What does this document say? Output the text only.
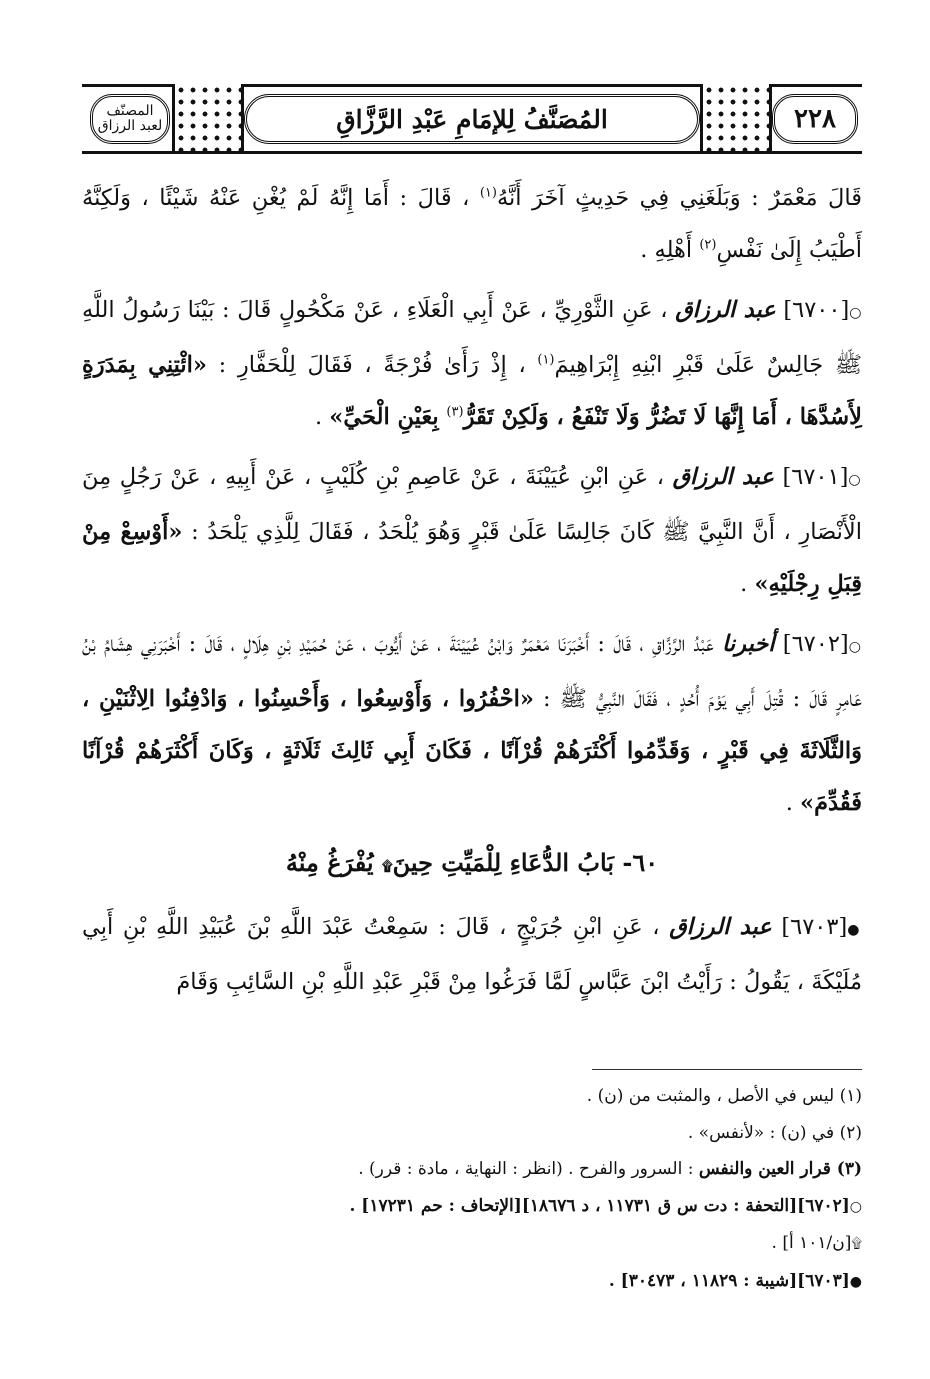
المصنّف لعبد الرزاق	المُصَنَّفُ لِلإمَامِ عَبْدِ الرَّزَّاقِ	٢٢٨

قَالَ مَعْمَرٌ : وَبَلَغَنِي فِي حَدِيثٍ آخَرَ أَنَّهُ$^{(١)}$ ، قَالَ : أَمَا إِنَّهُ لَمْ يُغْنِ عَنْهُ شَيْئًا ، وَلَكِنَّهُ أَطْيَبُ إِلَىٰ نَفْسِ$^{(٢)}$ أَهْلِهِ .

○[٦٧٠٠] عبد الرزاق ، عَنِ الثَّوْرِيِّ ، عَنْ أَبِي الْعَلَاءِ ، عَنْ مَكْحُولٍ قَالَ : بَيْنَا رَسُولُ اللَّهِ ﷺ جَالِسٌ عَلَىٰ قَبْرِ ابْنِهِ إِبْرَاهِيمَ$^{(١)}$ ، إِذْ رَأَىٰ فُرْجَةً ، فَقَالَ لِلْحَفَّارِ : «ائْتِنِي بِمَدَرَةٍ لِأَسُدَّهَا ، أَمَا إِنَّهَا لَا تَضُرُّ وَلَا تَنْفَعُ ، وَلَكِنْ تَقَرُّ$^{(٣)}$ بِعَيْنِ الْحَيِّ» .

○[٦٧٠١] عبد الرزاق ، عَنِ ابْنِ عُيَيْنَةَ ، عَنْ عَاصِمِ بْنِ كُلَيْبٍ ، عَنْ أَبِيهِ ، عَنْ رَجُلٍ مِنَ الْأَنْصَارِ ، أَنَّ النَّبِيَّ ﷺ كَانَ جَالِسًا عَلَىٰ قَبْرٍ وَهُوَ يُلْحَدُ ، فَقَالَ لِلَّذِي يَلْحَدُ : «أَوْسِعْ مِنْ قِبَلِ رِجْلَيْهِ» .

○[٦٧٠٢] أخبرنا عَبْدُ الرَّزَّاقِ ، قَالَ : أَخْبَرَنَا مَعْمَرٌ وَابْنُ عُيَيْنَةَ ، عَنْ أَيُّوبَ ، عَنْ حُمَيْدِ بْنِ هِلَالٍ ، قَالَ : أَخْبَرَنِي هِشَامُ بْنُ عَامِرٍ قَالَ : قُتِلَ أَبِي يَوْمَ أُحُدٍ ، فَقَالَ النَّبِيُّ ﷺ : «احْفُرُوا ، وَأَوْسِعُوا ، وَأَحْسِنُوا ، وَادْفِنُوا الِاثْنَيْنِ ، وَالثَّلَاثَةَ فِي قَبْرٍ ، وَقَدِّمُوا أَكْثَرَهُمْ قُرْآنًا ، فَكَانَ أَبِي ثَالِثَ ثَلَاثَةٍ ، وَكَانَ أَكْثَرَهُمْ قُرْآنًا فَقُدِّمَ» .

٦٠- بَابُ الدُّعَاءِ لِلْمَيِّتِ حِينَ۩ يُفْرَغُ مِنْهُ

●[٦٧٠٣] عبد الرزاق ، عَنِ ابْنِ جُرَيْجٍ ، قَالَ : سَمِعْتُ عَبْدَ اللَّهِ بْنَ عُبَيْدِ اللَّهِ بْنِ أَبِي مُلَيْكَةَ ، يَقُولُ : رَأَيْتُ ابْنَ عَبَّاسٍ لَمَّا فَرَغُوا مِنْ قَبْرِ عَبْدِ اللَّهِ بْنِ السَّائِبِ وَقَامَ

(١) ليس في الأصل ، والمثبت من (ن) .

(٢) في (ن) : «لأنفس» .

(٣) قرار العين والنفس : السرور والفرح . (انظر : النهاية ، مادة : قرر) .

○[٦٧٠٢][التحفة : دت س ق ١١٧٣١ ، د ١٨٦٧٦][الإتحاف : حم ١٧٢٣١] .

۩[ن/١٠١ أ] .

●[٦٧٠٣][شيبة : ١١٨٢٩ ، ٣٠٤٧٣] .
